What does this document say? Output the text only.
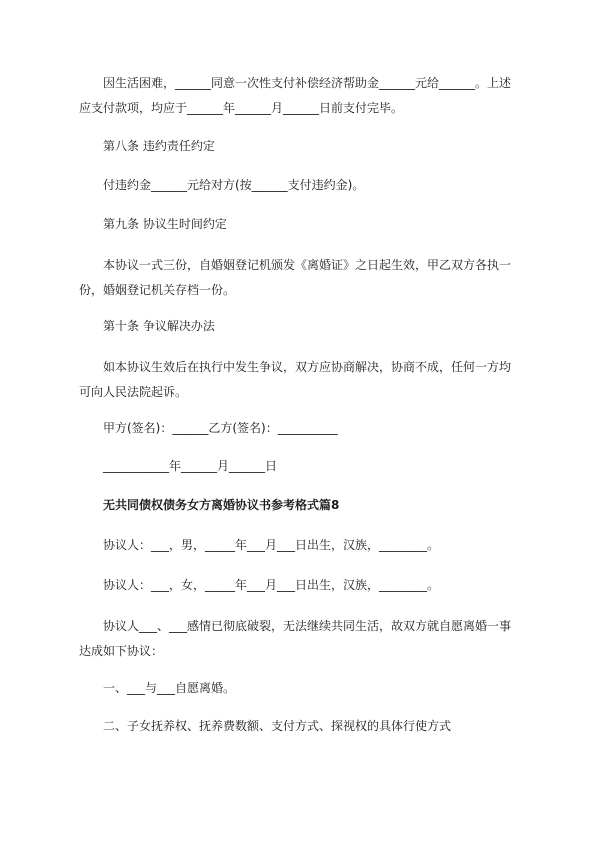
因生活困难，______同意一次性支付补偿经济帮助金______元给______。上述应支付款项，均应于______年______月______日前支付完毕。

第八条 违约责任约定

付违约金______元给对方(按______支付违约金)。

第九条 协议生时间约定

本协议一式三份，自婚姻登记机颁发《离婚证》之日起生效，甲乙双方各执一份，婚姻登记机关存档一份。

第十条 争议解决办法

如本协议生效后在执行中发生争议，双方应协商解决，协商不成，任何一方均可向人民法院起诉。

甲方(签名)：______乙方(签名)：__________

___________年______月______日

无共同债权债务女方离婚协议书参考格式篇8

协议人：___，男，_____年___月___日出生，汉族，________。

协议人：___，女，_____年___月___日出生，汉族，________。

协议人___、___感情已彻底破裂，无法继续共同生活，故双方就自愿离婚一事达成如下协议：

一、___与___自愿离婚。

二、子女抚养权、抚养费数额、支付方式、探视权的具体行使方式
